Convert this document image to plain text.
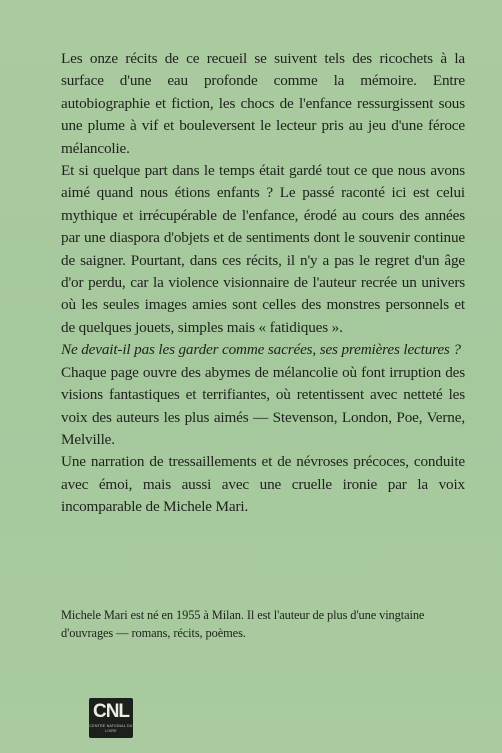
Les onze récits de ce recueil se suivent tels des ricochets à la surface d'une eau profonde comme la mémoire. Entre autobiographie et fiction, les chocs de l'enfance ressurgissent sous une plume à vif et bouleversent le lecteur pris au jeu d'une féroce mélancolie.

Et si quelque part dans le temps était gardé tout ce que nous avons aimé quand nous étions enfants ? Le passé raconté ici est celui mythique et irrécupérable de l'enfance, érodé au cours des années par une diaspora d'objets et de sentiments dont le souvenir continue de saigner. Pourtant, dans ces récits, il n'y a pas le regret d'un âge d'or perdu, car la violence visionnaire de l'auteur recrée un univers où les seules images amies sont celles des monstres personnels et de quelques jouets, simples mais « fatidiques ».

Ne devait-il pas les garder comme sacrées, ses premières lectures ?

Chaque page ouvre des abymes de mélancolie où font irruption des visions fantastiques et terrifiantes, où retentissent avec netteté les voix des auteurs les plus aimés — Stevenson, London, Poe, Verne, Melville.

Une narration de tressaillements et de névroses précoces, conduite avec émoi, mais aussi avec une cruelle ironie par la voix incomparable de Michele Mari.

Michele Mari est né en 1955 à Milan. Il est l'auteur de plus d'une vingtaine d'ouvrages — romans, récits, poèmes.

CNL
CENTRE NATIONAL DU LIVRE
